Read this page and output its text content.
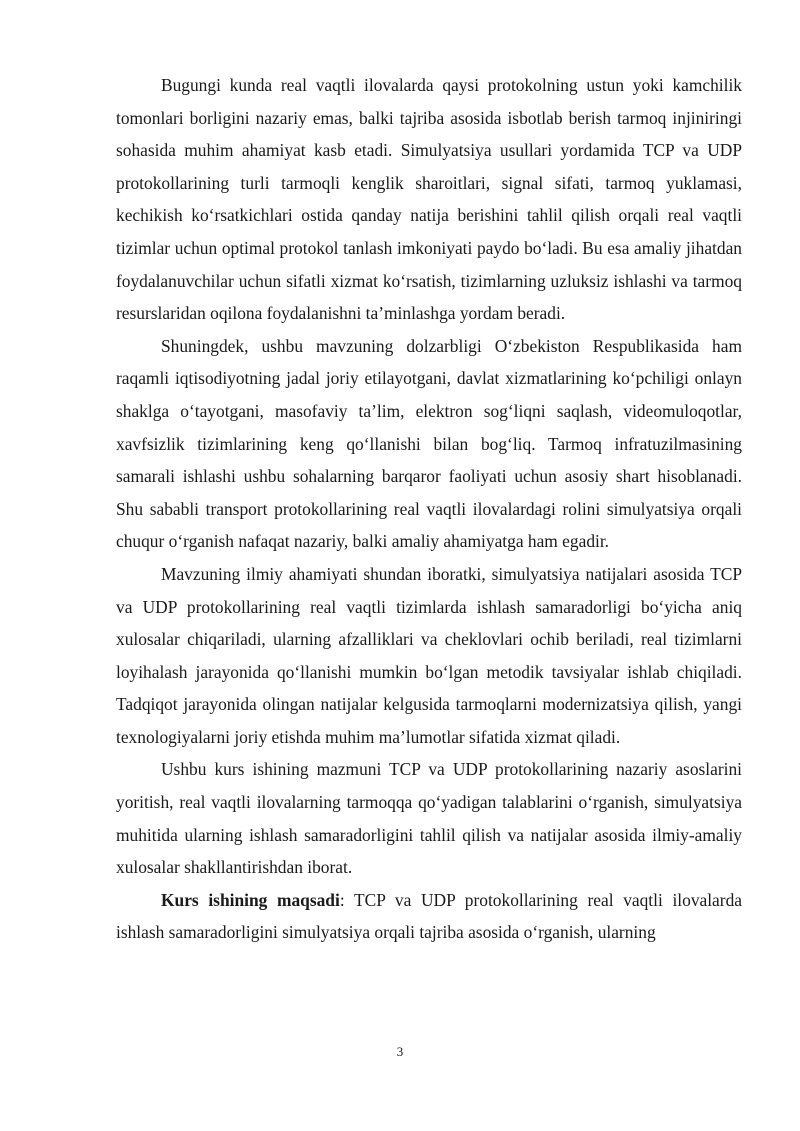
Bugungi kunda real vaqtli ilovalarda qaysi protokolning ustun yoki kamchilik tomonlari borligini nazariy emas, balki tajriba asosida isbotlab berish tarmoq injiniringi sohasida muhim ahamiyat kasb etadi. Simulyatsiya usullari yordamida TCP va UDP protokollarining turli tarmoqli kenglik sharoitlari, signal sifati, tarmoq yuklamasi, kechikish ko‘rsatkichlari ostida qanday natija berishini tahlil qilish orqali real vaqtli tizimlar uchun optimal protokol tanlash imkoniyati paydo bo‘ladi. Bu esa amaliy jihatdan foydalanuvchilar uchun sifatli xizmat ko‘rsatish, tizimlarning uzluksiz ishlashi va tarmoq resurslaridan oqilona foydalanishni ta’minlashga yordam beradi.

Shuningdek, ushbu mavzuning dolzarbligi O‘zbekiston Respublikasida ham raqamli iqtisodiyotning jadal joriy etilayotgani, davlat xizmatlarining ko‘pchiligi onlayn shaklga o‘tayotgani, masofaviy ta’lim, elektron sog‘liqni saqlash, videomuloqotlar, xavfsizlik tizimlarining keng qo‘llanishi bilan bog‘liq. Tarmoq infratuzilmasining samarali ishlashi ushbu sohalarning barqaror faoliyati uchun asosiy shart hisoblanadi. Shu sababli transport protokollarining real vaqtli ilovalardagi rolini simulyatsiya orqali chuqur o‘rganish nafaqat nazariy, balki amaliy ahamiyatga ham egadir.

Mavzuning ilmiy ahamiyati shundan iboratki, simulyatsiya natijalari asosida TCP va UDP protokollarining real vaqtli tizimlarda ishlash samaradorligi bo‘yicha aniq xulosalar chiqariladi, ularning afzalliklari va cheklovlari ochib beriladi, real tizimlarni loyihalash jarayonida qo‘llanishi mumkin bo‘lgan metodik tavsiyalar ishlab chiqiladi. Tadqiqot jarayonida olingan natijalar kelgusida tarmoqlarni modernizatsiya qilish, yangi texnologiyalarni joriy etishda muhim ma’lumotlar sifatida xizmat qiladi.

Ushbu kurs ishining mazmuni TCP va UDP protokollarining nazariy asoslarini yoritish, real vaqtli ilovalarning tarmoqqa qo‘yadigan talablarini o‘rganish, simulyatsiya muhitida ularning ishlash samaradorligini tahlil qilish va natijalar asosida ilmiy-amaliy xulosalar shakllantirishdan iborat.

Kurs ishining maqsadi: TCP va UDP protokollarining real vaqtli ilovalarda ishlash samaradorligini simulyatsiya orqali tajriba asosida o‘rganish, ularning

3
